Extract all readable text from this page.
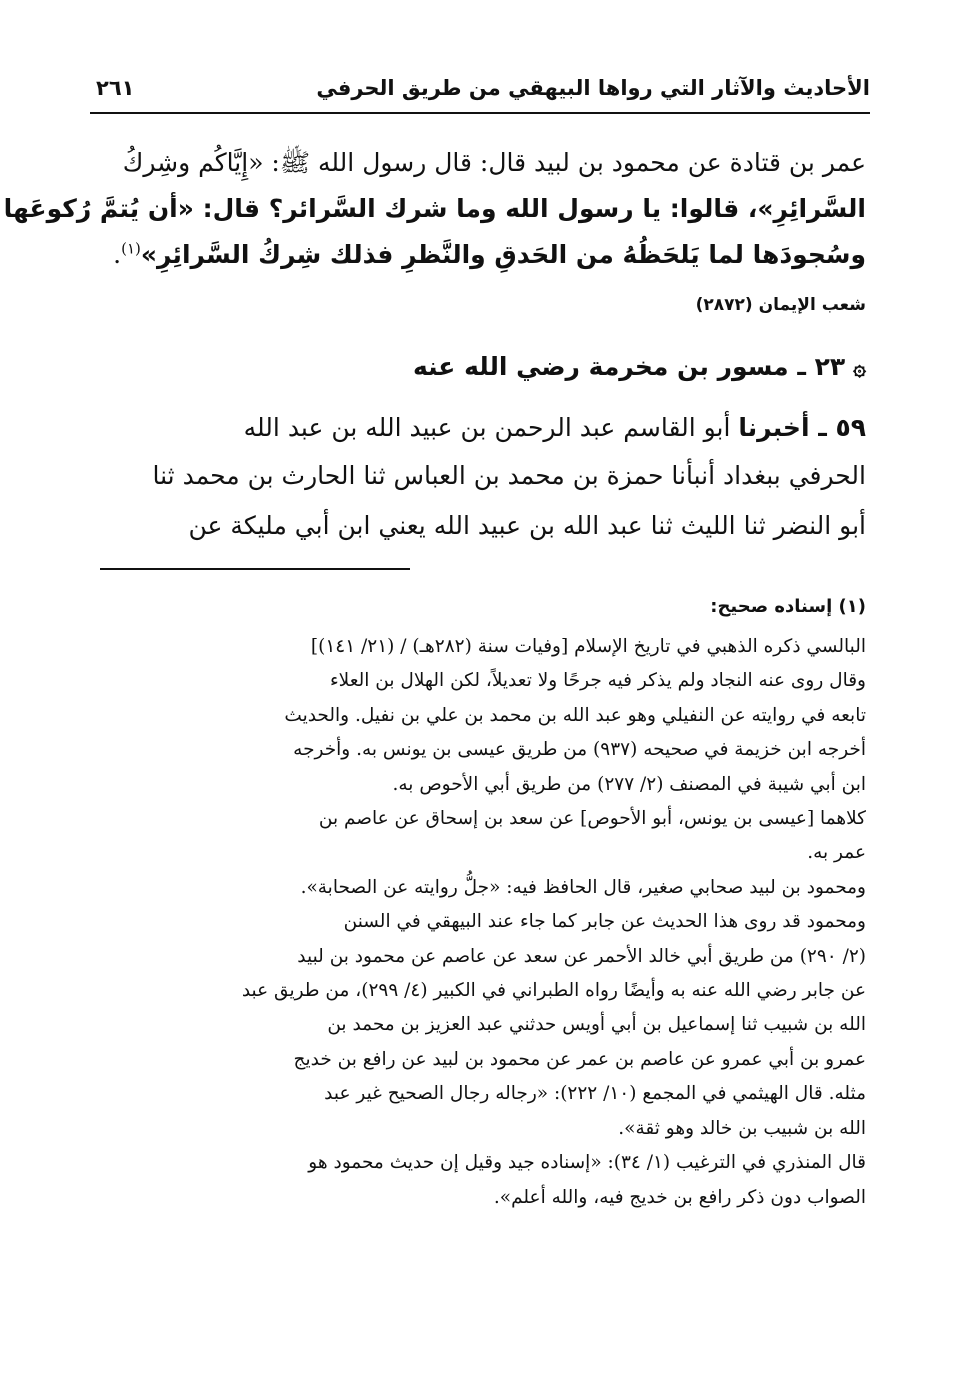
الأحاديث والآثار التي رواها البيهقي من طريق الحرفي
٢٦١
عمر بن قتادة عن محمود بن لبيد قال: قال رسول الله ﷺ: «إِيَّاكُم وشِركُ
السَّرائِرِ»، قالوا: يا رسول الله وما شرك السَّرائر؟ قال: «أن يُتمَّ رُكوعَها
وسُجودَها لما يَلحَظُهُ من الحَدقِ والنَّظرِ فذلك شِركُ السَّرائِرِ»$^{(١)}$.
شعب الإيمان (٢٨٧٢)
۞٢٣ ـ مسور بن مخرمة رضي الله عنه
٥٩ ـ أخبرنا أبو القاسم عبد الرحمن بن عبيد الله بن عبد الله
الحرفي ببغداد أنبأنا حمزة بن محمد بن العباس ثنا الحارث بن محمد ثنا
أبو النضر ثنا الليث ثنا عبد الله بن عبيد الله يعني ابن أبي مليكة عن
(١) إسناده صحيح:
البالسي ذكره الذهبي في تاريخ الإسلام [وفيات سنة (٢٨٢هـ) / (٢١/ ١٤١)]
وقال روى عنه النجاد ولم يذكر فيه جرحًا ولا تعديلاً، لكن الهلال بن العلاء
تابعه في روايته عن النفيلي وهو عبد الله بن محمد بن علي بن نفيل. والحديث
أخرجه ابن خزيمة في صحيحه (٩٣٧) من طريق عيسى بن يونس به. وأخرجه
ابن أبي شيبة في المصنف (٢/ ٢٧٧) من طريق أبي الأحوص به.
كلاهما [عيسى بن يونس، أبو الأحوص] عن سعد بن إسحاق عن عاصم بن
عمر به.
ومحمود بن لبيد صحابي صغير، قال الحافظ فيه: «جلُّ روايته عن الصحابة».
ومحمود قد روى هذا الحديث عن جابر كما جاء عند البيهقي في السنن
(٢/ ٢٩٠) من طريق أبي خالد الأحمر عن سعد عن عاصم عن محمود بن لبيد
عن جابر رضي الله عنه به وأيضًا رواه الطبراني في الكبير (٤/ ٢٩٩)، من طريق عبد
الله بن شبيب ثنا إسماعيل بن أبي أويس حدثني عبد العزيز بن محمد بن
عمرو بن أبي عمرو عن عاصم بن عمر عن محمود بن لبيد عن رافع بن خديج
مثله. قال الهيثمي في المجمع (١٠/ ٢٢٢): «رجاله رجال الصحيح غير عبد
الله بن شبيب بن خالد وهو ثقة».
قال المنذري في الترغيب (١/ ٣٤): «إسناده جيد وقيل إن حديث محمود هو
الصواب دون ذكر رافع بن خديج فيه، والله أعلم».
